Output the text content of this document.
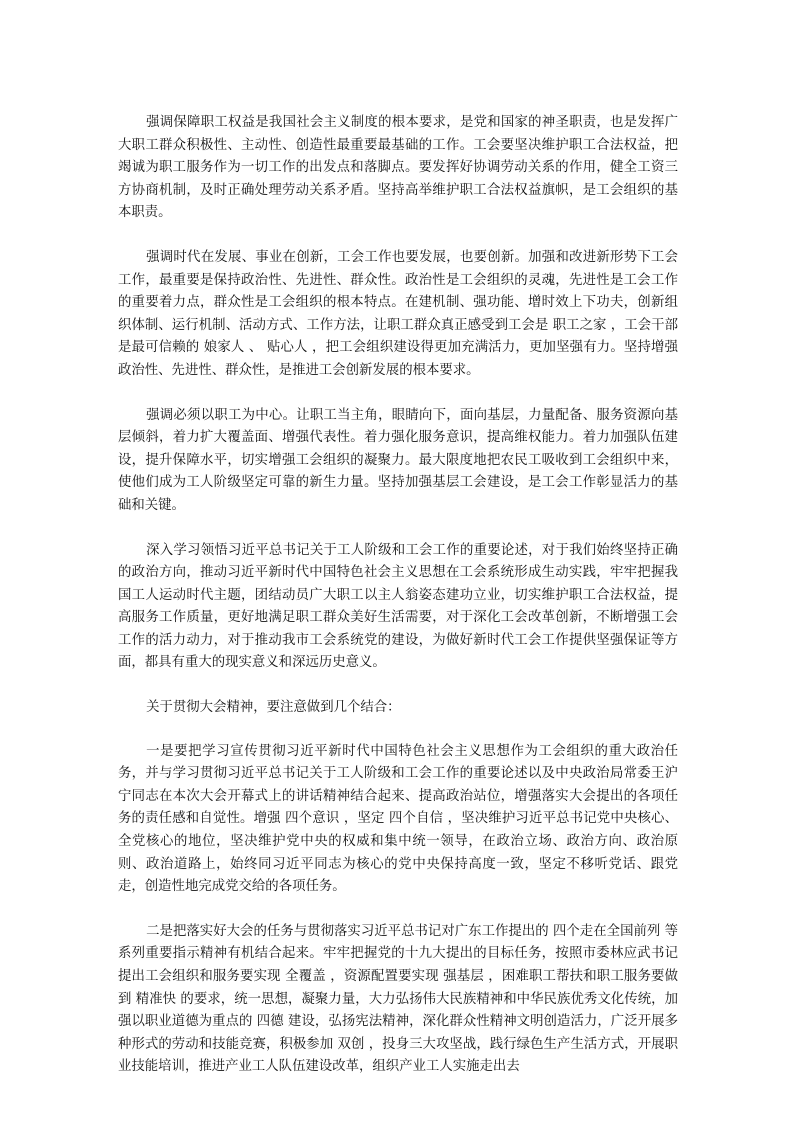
强调保障职工权益是我国社会主义制度的根本要求，是党和国家的神圣职责，也是发挥广大职工群众积极性、主动性、创造性最重要最基础的工作。工会要坚决维护职工合法权益，把竭诚为职工服务作为一切工作的出发点和落脚点。要发挥好协调劳动关系的作用，健全工资三方协商机制，及时正确处理劳动关系矛盾。坚持高举维护职工合法权益旗帜，是工会组织的基本职责。

强调时代在发展、事业在创新，工会工作也要发展，也要创新。加强和改进新形势下工会工作，最重要是保持政治性、先进性、群众性。政治性是工会组织的灵魂，先进性是工会工作的重要着力点，群众性是工会组织的根本特点。在建机制、强功能、增时效上下功夫，创新组织体制、运行机制、活动方式、工作方法，让职工群众真正感受到工会是 职工之家 ，工会干部是最可信赖的 娘家人 、 贴心人 ，把工会组织建设得更加充满活力，更加坚强有力。坚持增强政治性、先进性、群众性，是推进工会创新发展的根本要求。

强调必须以职工为中心。让职工当主角，眼睛向下，面向基层，力量配备、服务资源向基层倾斜，着力扩大覆盖面、增强代表性。着力强化服务意识，提高维权能力。着力加强队伍建设，提升保障水平，切实增强工会组织的凝聚力。最大限度地把农民工吸收到工会组织中来，使他们成为工人阶级坚定可靠的新生力量。坚持加强基层工会建设，是工会工作彰显活力的基础和关键。

深入学习领悟习近平总书记关于工人阶级和工会工作的重要论述，对于我们始终坚持正确的政治方向，推动习近平新时代中国特色社会主义思想在工会系统形成生动实践，牢牢把握我国工人运动时代主题，团结动员广大职工以主人翁姿态建功立业，切实维护职工合法权益，提高服务工作质量，更好地满足职工群众美好生活需要，对于深化工会改革创新，不断增强工会工作的活力动力，对于推动我市工会系统党的建设，为做好新时代工会工作提供坚强保证等方面，都具有重大的现实意义和深远历史意义。

关于贯彻大会精神，要注意做到几个结合：

一是要把学习宣传贯彻习近平新时代中国特色社会主义思想作为工会组织的重大政治任务，并与学习贯彻习近平总书记关于工人阶级和工会工作的重要论述以及中央政治局常委王沪宁同志在本次大会开幕式上的讲话精神结合起来、提高政治站位，增强落实大会提出的各项任务的责任感和自觉性。增强 四个意识 ，坚定 四个自信 ，坚决维护习近平总书记党中央核心、全党核心的地位，坚决维护党中央的权威和集中统一领导，在政治立场、政治方向、政治原则、政治道路上，始终同习近平同志为核心的党中央保持高度一致，坚定不移听党话、跟党走，创造性地完成党交给的各项任务。

二是把落实好大会的任务与贯彻落实习近平总书记对广东工作提出的 四个走在全国前列 等系列重要指示精神有机结合起来。牢牢把握党的十九大提出的目标任务，按照市委林应武书记提出工会组织和服务要实现 全覆盖 ，资源配置要实现 强基层 ，困难职工帮扶和职工服务要做到 精准快 的要求，统一思想，凝聚力量，大力弘扬伟大民族精神和中华民族优秀文化传统，加强以职业道德为重点的 四德 建设，弘扬宪法精神，深化群众性精神文明创造活力，广泛开展多种形式的劳动和技能竞赛，积极参加 双创 ，投身三大攻坚战，践行绿色生产生活方式，开展职业技能培训，推进产业工人队伍建设改革，组织产业工人实施走出去
